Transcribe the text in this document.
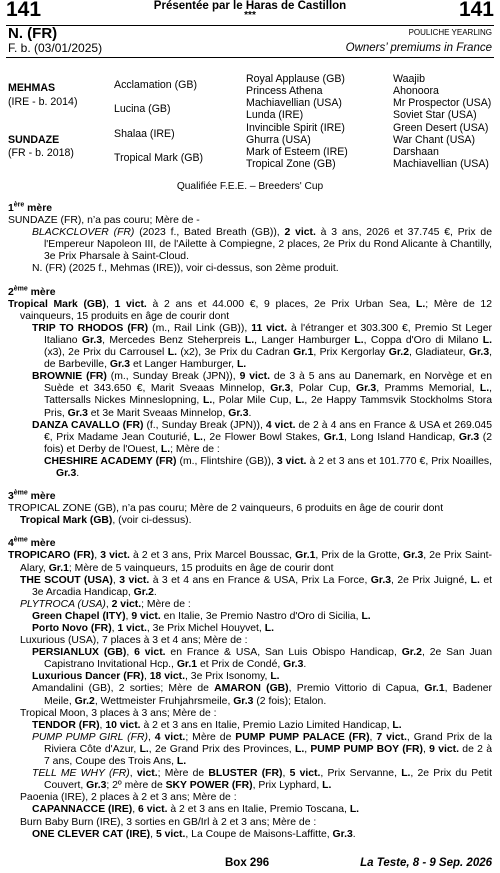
141	141
Présentée par le Haras de Castillon
***
N. (FR)
F. b. (03/01/2025)
POULICHE YEARLING
Owners’ premiums in France
MEHMAS
(IRE - b. 2014)
SUNDAZE
(FR - b. 2018)
Acclamation (GB)
Lucina (GB)
Shalaa (IRE)
Tropical Mark (GB)
Royal Applause (GB)
Princess Athena
Machiavellian (USA)
Lunda (IRE)
Invincible Spirit (IRE)
Ghurra (USA)
Mark of Esteem (IRE)
Tropical Zone (GB)
Waajib
Ahonoora
Mr Prospector (USA)
Soviet Star (USA)
Green Desert (USA)
War Chant (USA)
Darshaan
Machiavellian (USA)
Qualifiée F.E.E. – Breeders' Cup

1ère mère

SUNDAZE (FR), n’a pas couru; Mère de -

BLACKCLOVER (FR) (2023 f., Bated Breath (GB)), 2 vict. à 3 ans, 2026 et 37.745 €, Prix de l'Empereur Napoleon III, de l'Ailette à Compiegne, 2 places, 2e Prix du Rond Alicante à Chantilly, 3e Prix Pharsale à Saint-Cloud.

N. (FR) (2025 f., Mehmas (IRE)), voir ci-dessus, son 2ème produit.

2ème mère

Tropical Mark (GB), 1 vict. à 2 ans et 44.000 €, 9 places, 2e Prix Urban Sea, L.; Mère de 12 vainqueurs, 15 produits en âge de courir dont

TRIP TO RHODOS (FR) (m., Rail Link (GB)), 11 vict. à l'étranger et 303.300 €, Premio St Leger Italiano Gr.3, Mercedes Benz Steherpreis L., Langer Hamburger L., Coppa d'Oro di Milano L. (x3), 2e Prix du Carrousel L. (x2), 3e Prix du Cadran Gr.1, Prix Kergorlay Gr.2, Gladiateur, Gr.3, de Barbeville, Gr.3 et Langer Hamburger, L.

BROWNIE (FR) (m., Sunday Break (JPN)), 9 vict. de 3 à 5 ans au Danemark, en Norvège et en Suède et 343.650 €, Marit Sveaas Minnelop, Gr.3, Polar Cup, Gr.3, Pramms Memorial, L., Tattersalls Nickes Minneslopning, L., Polar Mile Cup, L., 2e Happy Tammsvik Stockholms Stora Pris, Gr.3 et 3e Marit Sveaas Minnelop, Gr.3.

DANZA CAVALLO (FR) (f., Sunday Break (JPN)), 4 vict. de 2 à 4 ans en France & USA et 269.045 €, Prix Madame Jean Couturié, L., 2e Flower Bowl Stakes, Gr.1, Long Island Handicap, Gr.3 (2 fois) et Derby de l'Ouest, L.; Mère de :

CHESHIRE ACADEMY (FR) (m., Flintshire (GB)), 3 vict. à 2 et 3 ans et 101.770 €, Prix Noailles, Gr.3.

3ème mère

TROPICAL ZONE (GB), n’a pas couru; Mère de 2 vainqueurs, 6 produits en âge de courir dont

Tropical Mark (GB), (voir ci-dessus).

4ème mère

TROPICARO (FR), 3 vict. à 2 et 3 ans, Prix Marcel Boussac, Gr.1, Prix de la Grotte, Gr.3, 2e Prix Saint-Alary, Gr.1; Mère de 5 vainqueurs, 15 produits en âge de courir dont

THE SCOUT (USA), 3 vict. à 3 et 4 ans en France & USA, Prix La Force, Gr.3, 2e Prix Juigné, L. et 3e Arcadia Handicap, Gr.2.

PLYTROCA (USA), 2 vict.; Mère de :

Green Chapel (ITY), 9 vict. en Italie, 3e Premio Nastro d'Oro di Sicilia, L.

Porto Novo (FR), 1 vict., 3e Prix Michel Houyvet, L.

Luxurious (USA), 7 places à 3 et 4 ans; Mère de :

PERSIANLUX (GB), 6 vict. en France & USA, San Luis Obispo Handicap, Gr.2, 2e San Juan Capistrano Invitational Hcp., Gr.1 et Prix de Condé, Gr.3.

Luxurious Dancer (FR), 18 vict., 3e Prix Isonomy, L.

Amandalini (GB), 2 sorties; Mère de AMARON (GB), Premio Vittorio di Capua, Gr.1, Badener Meile, Gr.2, Wettmeister Fruhjahrsmeile, Gr.3 (2 fois); Etalon.

Tropical Moon, 3 places à 3 ans; Mère de :

TENDOR (FR), 10 vict. à 2 et 3 ans en Italie, Premio Lazio Limited Handicap, L.

PUMP PUMP GIRL (FR), 4 vict.; Mère de PUMP PUMP PALACE (FR), 7 vict., Grand Prix de la Riviera Côte d'Azur, L., 2e Grand Prix des Provinces, L., PUMP PUMP BOY (FR), 9 vict. de 2 à 7 ans, Coupe des Trois Ans, L.

TELL ME WHY (FR), vict.; Mère de BLUSTER (FR), 5 vict., Prix Servanne, L., 2e Prix du Petit Couvert, Gr.3; 2º mère de SKY POWER (FR), Prix Lyphard, L.

Paoenia (IRE), 2 places à 2 et 3 ans; Mère de :

CAPANNACCE (IRE), 6 vict. à 2 et 3 ans en Italie, Premio Toscana, L.

Burn Baby Burn (IRE), 3 sorties en GB/Irl à 2 et 3 ans; Mère de :

ONE CLEVER CAT (IRE), 5 vict., La Coupe de Maisons-Laffitte, Gr.3.

Box 296	La Teste, 8 - 9 Sep. 2026
